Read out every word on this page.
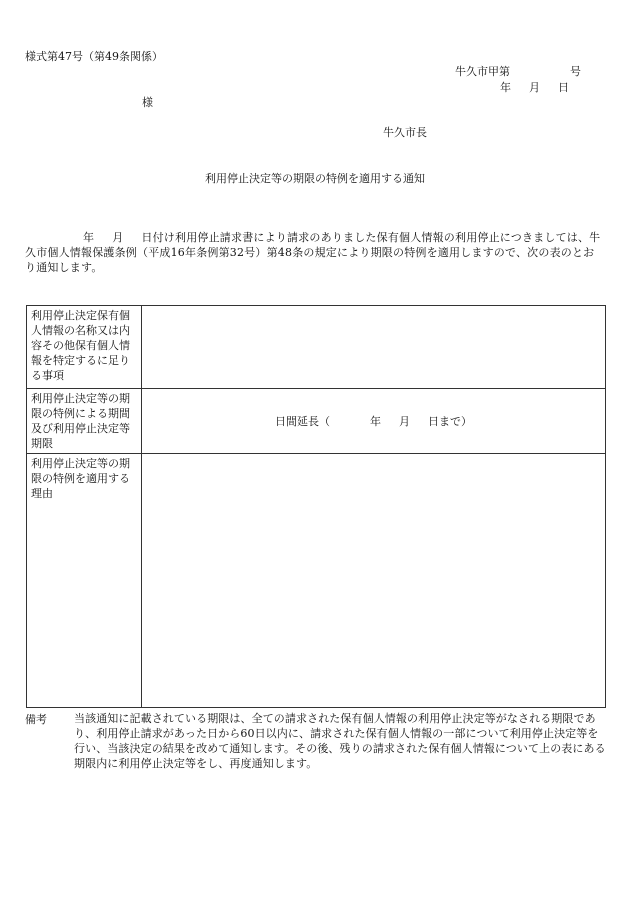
様式第47号（第49条関係）
牛久市甲第	号
年 月 日
様
牛久市長
利用停止決定等の期限の特例を適用する通知
年 月 日付け利用停止請求書により請求のありました保有個人情報の利用停止につきましては、牛久市個人情報保護条例（平成16年条例第32号）第48条の規定により期限の特例を適用しますので、次の表のとおり通知します。
利用停止決定保有個人情報の名称又は内容その他保有個人情報を特定するに足りる事項	
利用停止決定等の期限の特例による期間及び利用停止決定等期限	日間延長（ 年 月 日まで）
利用停止決定等の期限の特例を適用する理由	
備考 当該通知に記載されている期限は、全ての請求された保有個人情報の利用停止決定等がなされる期限であり、利用停止請求があった日から60日以内に、請求された保有個人情報の一部について利用停止決定等を行い、当該決定の結果を改めて通知します。その後、残りの請求された保有個人情報について上の表にある期限内に利用停止決定等をし、再度通知します。
